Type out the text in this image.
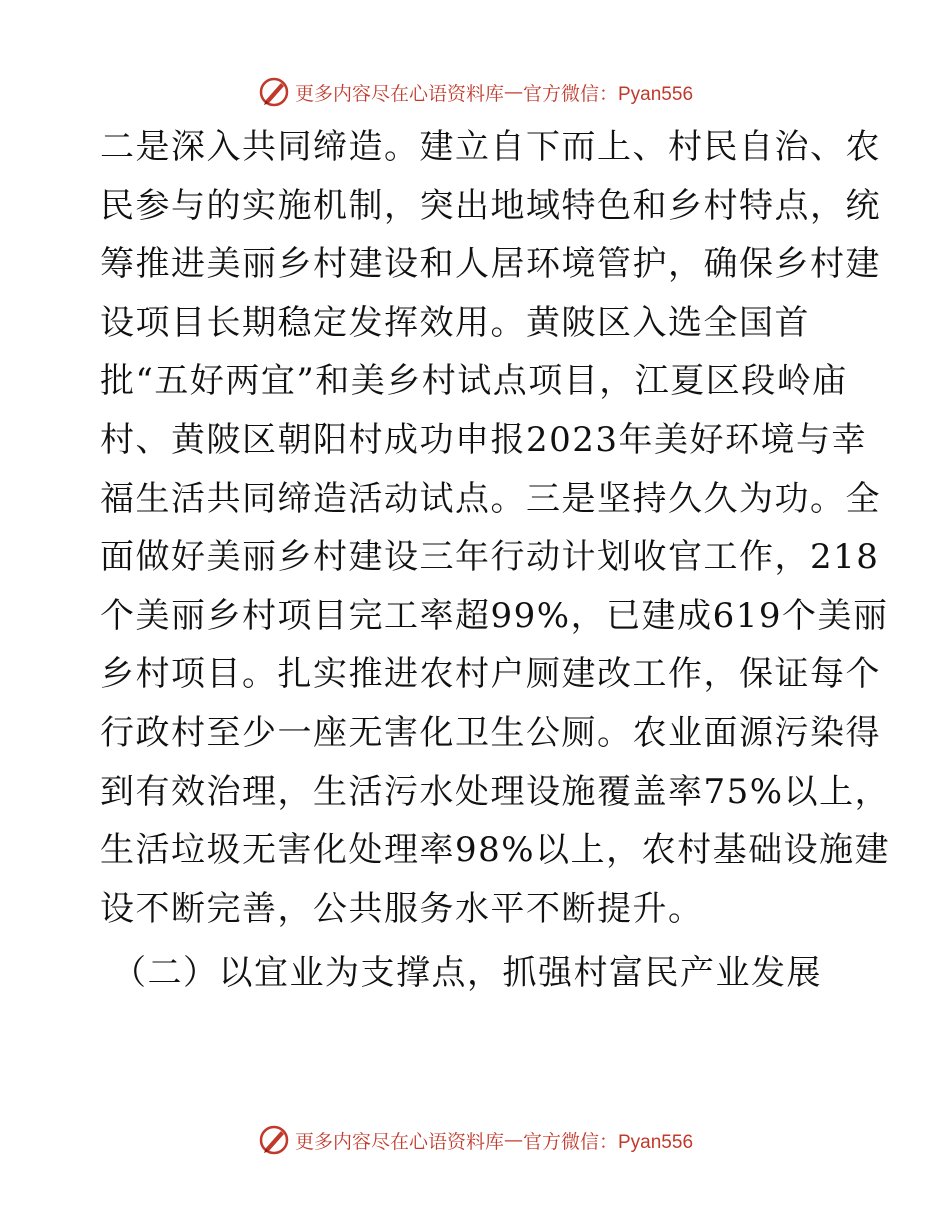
更多内容尽在心语资料库 — 官方微信：Pyan556
二是深入共同缔造。建立自下而上、村民自治、农
民参与的实施机制，突出地域特色和乡村特点，统
筹推进美丽乡村建设和人居环境管护，确保乡村建
设项目长期稳定发挥效用。黄陂区入选全国首
批“五好两宜”和美乡村试点项目，江夏区段岭庙
村、黄陂区朝阳村成功申报2023年美好环境与幸
福生活共同缔造活动试点。三是坚持久久为功。全
面做好美丽乡村建设三年行动计划收官工作，218
个美丽乡村项目完工率超99%，已建成619个美丽
乡村项目。扎实推进农村户厕建改工作，保证每个
行政村至少一座无害化卫生公厕。农业面源污染得
到有效治理，生活污水处理设施覆盖率75%以上，
生活垃圾无害化处理率98%以上，农村基础设施建
设不断完善，公共服务水平不断提升。
（二）以宜业为支撑点，抓强村富民产业发展
更多内容尽在心语资料库 — 官方微信：Pyan556
